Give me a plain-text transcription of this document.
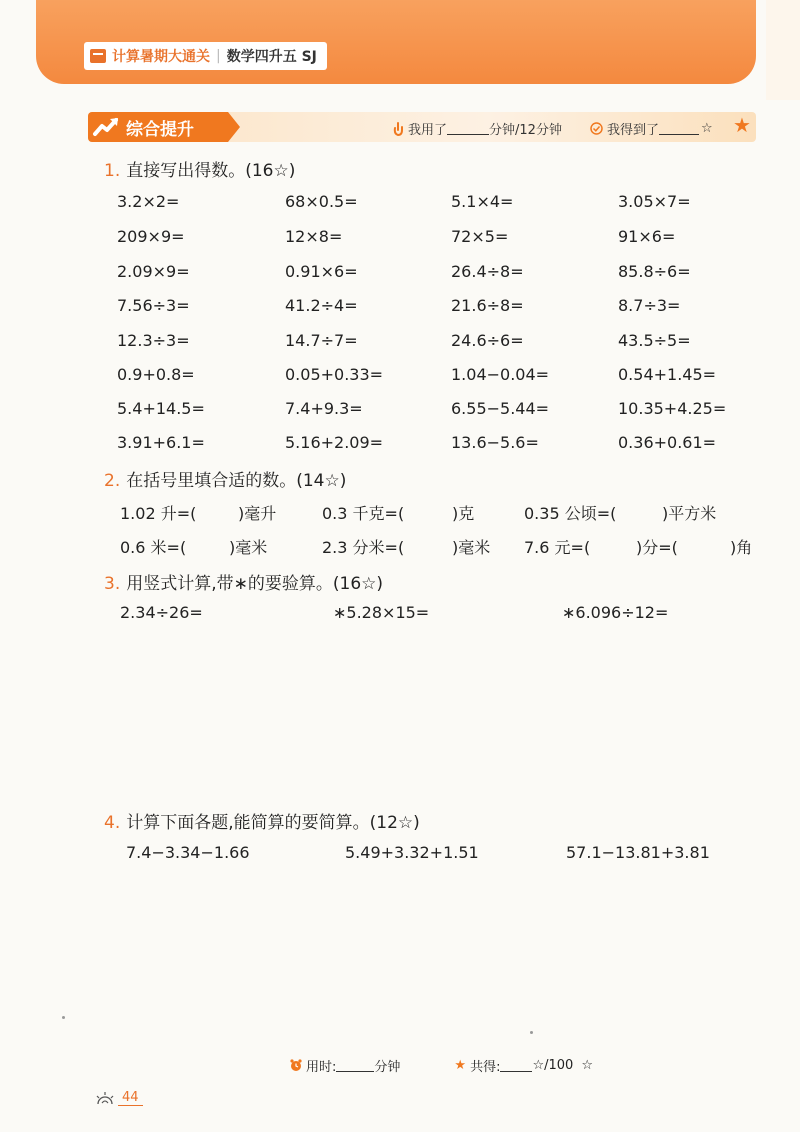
计算暑期大通关 | 数学四升五 SJ
综合提升	我用了	分钟/12分钟	我得到了	☆ ★
1. 直接写出得数。(16☆)
3.2×2=	68×0.5=	5.1×4=	3.05×7=
209×9=	12×8=	72×5=	91×6=
2.09×9=	0.91×6=	26.4÷8=	85.8÷6=
7.56÷3=	41.2÷4=	21.6÷8=	8.7÷3=
12.3÷3=	14.7÷7=	24.6÷6=	43.5÷5=
0.9+0.8=	0.05+0.33=	1.04−0.04=	0.54+1.45=
5.4+14.5=	7.4+9.3=	6.55−5.44=	10.35+4.25=
3.91+6.1=	5.16+2.09=	13.6−5.6=	0.36+0.61=
2. 在括号里填合适的数。(14☆)
1.02 升=(	)毫升	0.3 千克=(	)克	0.35 公顷=(	)平方米
0.6 米=(	)毫米	2.3 分米=(	)毫米 7.6 元=(	)分=(	)角
3. 用竖式计算,带∗的要验算。(16☆)
2.34÷26=	∗5.28×15=	∗6.096÷12=
4. 计算下面各题,能简算的要简算。(12☆)
7.4−3.34−1.66	5.49+3.32+1.51	57.1−13.81+3.81
用时:	分钟	★ 共得: ☆/100 ☆
44
